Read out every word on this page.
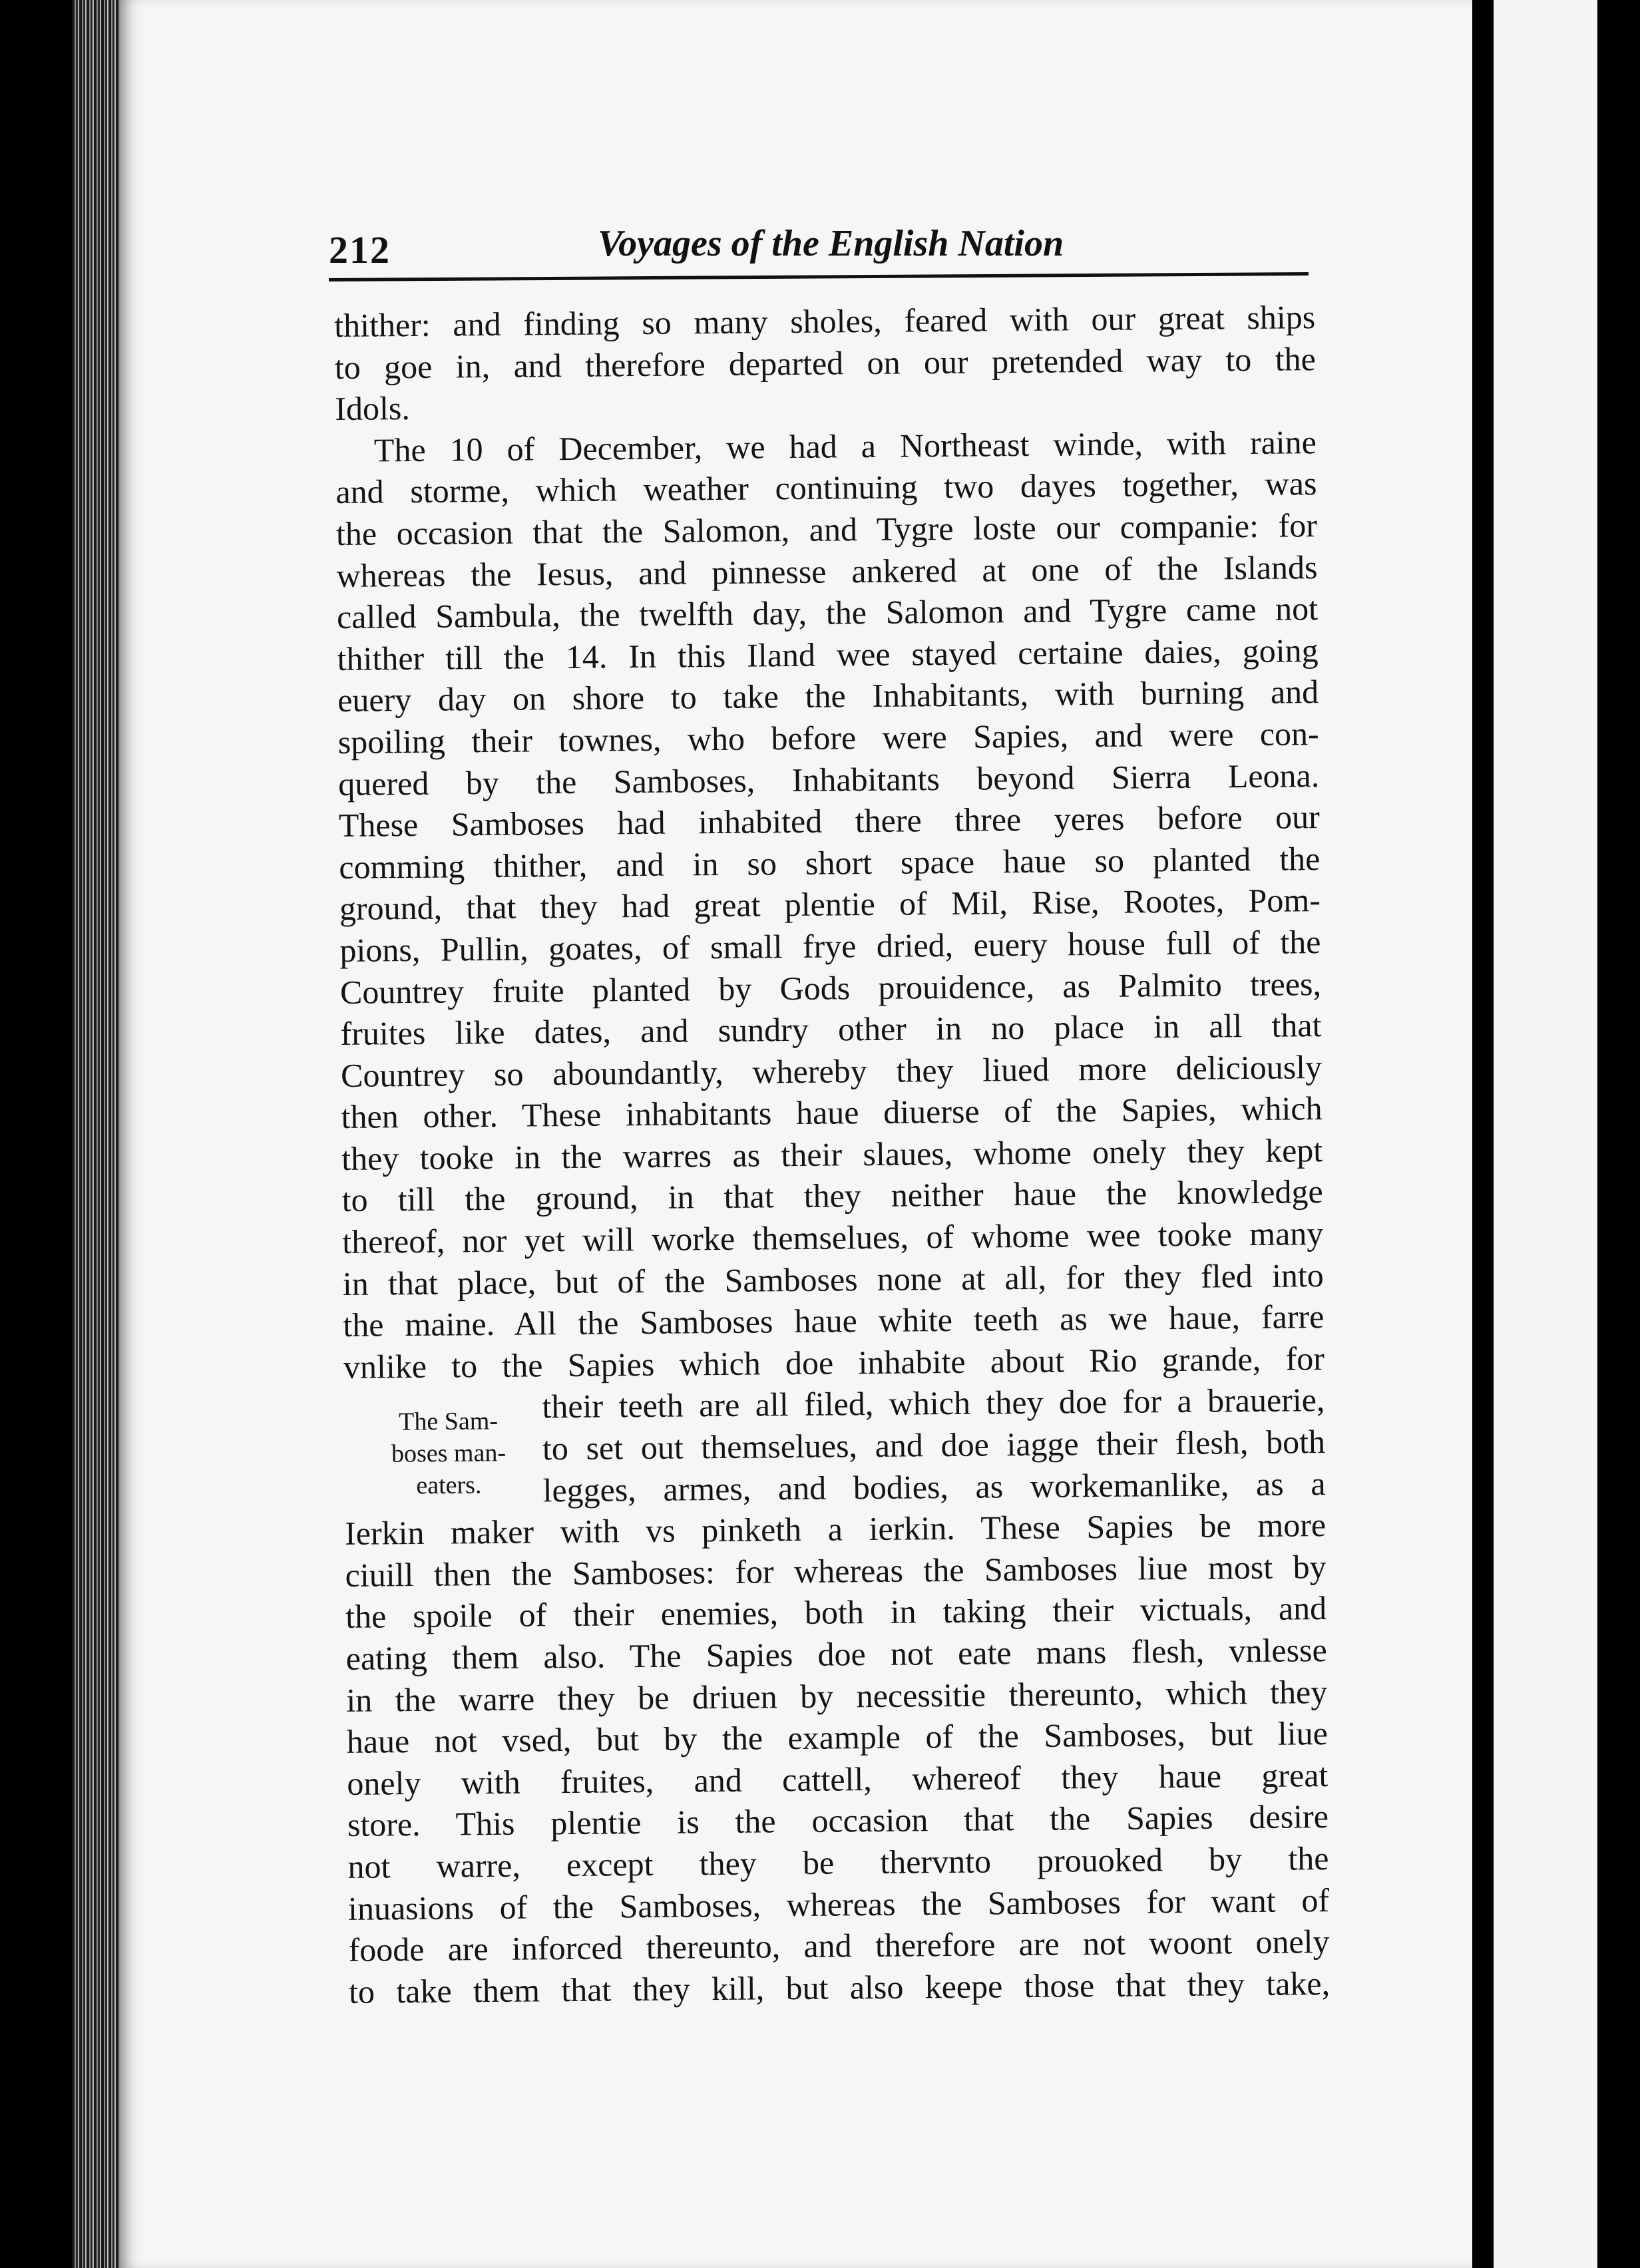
212	Voyages of the English Nation
thither: and finding so many sholes, feared with our great ships
to goe in, and therefore departed on our pretended way to the
Idols.
The 10 of December, we had a Northeast winde, with raine
and storme, which weather continuing two dayes together, was
the occasion that the Salomon, and Tygre loste our companie: for
whereas the Iesus, and pinnesse ankered at one of the Islands
called Sambula, the twelfth day, the Salomon and Tygre came not
thither till the 14. In this Iland wee stayed certaine daies, going
euery day on shore to take the Inhabitants, with burning and
spoiling their townes, who before were Sapies, and were con-
quered by the Samboses, Inhabitants beyond Sierra Leona.
These Samboses had inhabited there three yeres before our
comming thither, and in so short space haue so planted the
ground, that they had great plentie of Mil, Rise, Rootes, Pom-
pions, Pullin, goates, of small frye dried, euery house full of the
Countrey fruite planted by Gods prouidence, as Palmito trees,
fruites like dates, and sundry other in no place in all that
Countrey so aboundantly, whereby they liued more deliciously
then other. These inhabitants haue diuerse of the Sapies, which
they tooke in the warres as their slaues, whome onely they kept
to till the ground, in that they neither haue the knowledge
thereof, nor yet will worke themselues, of whome wee tooke many
in that place, but of the Samboses none at all, for they fled into
the maine. All the Samboses haue white teeth as we haue, farre
vnlike to the Sapies which doe inhabite about Rio grande, for
their teeth are all filed, which they doe for a brauerie,
to set out themselues, and doe iagge their flesh, both
legges, armes, and bodies, as workemanlike, as a
Ierkin maker with vs pinketh a ierkin. These Sapies be more
ciuill then the Samboses: for whereas the Samboses liue most by
the spoile of their enemies, both in taking their victuals, and
eating them also. The Sapies doe not eate mans flesh, vnlesse
in the warre they be driuen by necessitie thereunto, which they
haue not vsed, but by the example of the Samboses, but liue
onely with fruites, and cattell, whereof they haue great
store. This plentie is the occasion that the Sapies desire
not warre, except they be thervnto prouoked by the
inuasions of the Samboses, whereas the Samboses for want of
foode are inforced thereunto, and therefore are not woont onely
to take them that they kill, but also keepe those that they take,
The Sam-
boses man-
eaters.
